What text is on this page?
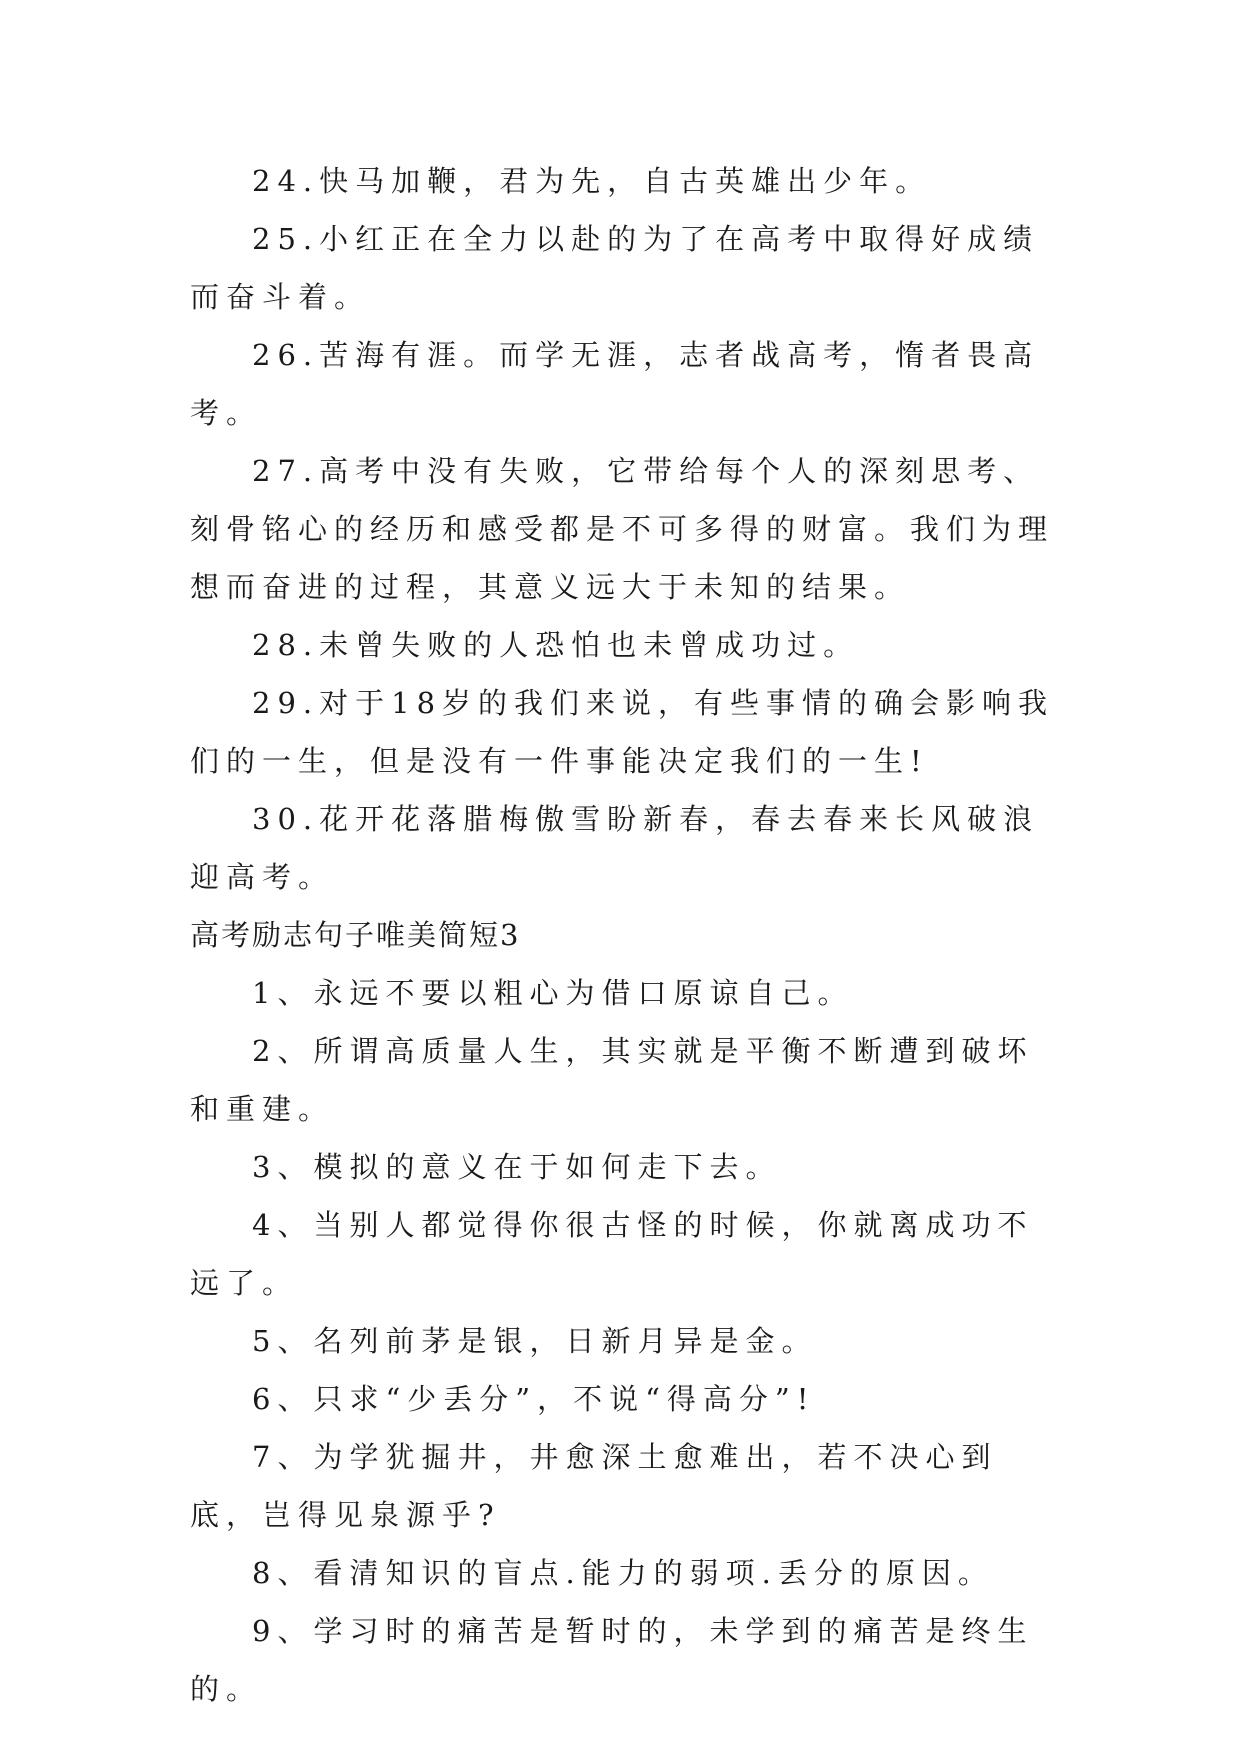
24.快马加鞭，君为先，自古英雄出少年。

25.小红正在全力以赴的为了在高考中取得好成绩而奋斗着。

26.苦海有涯。而学无涯，志者战高考，惰者畏高考。

27.高考中没有失败，它带给每个人的深刻思考、刻骨铭心的经历和感受都是不可多得的财富。我们为理想而奋进的过程，其意义远大于未知的结果。

28.未曾失败的人恐怕也未曾成功过。

29.对于18岁的我们来说，有些事情的确会影响我们的一生，但是没有一件事能决定我们的一生!

30.花开花落腊梅傲雪盼新春，春去春来长风破浪迎高考。

高考励志句子唯美简短3

1、永远不要以粗心为借口原谅自己。

2、所谓高质量人生，其实就是平衡不断遭到破坏和重建。

3、模拟的意义在于如何走下去。

4、当别人都觉得你很古怪的时候，你就离成功不远了。

5、名列前茅是银，日新月异是金。

6、只求“少丢分”，不说“得高分”!

7、为学犹掘井，井愈深土愈难出，若不决心到底，岂得见泉源乎?

8、看清知识的盲点.能力的弱项.丢分的原因。

9、学习时的痛苦是暂时的，未学到的痛苦是终生的。
